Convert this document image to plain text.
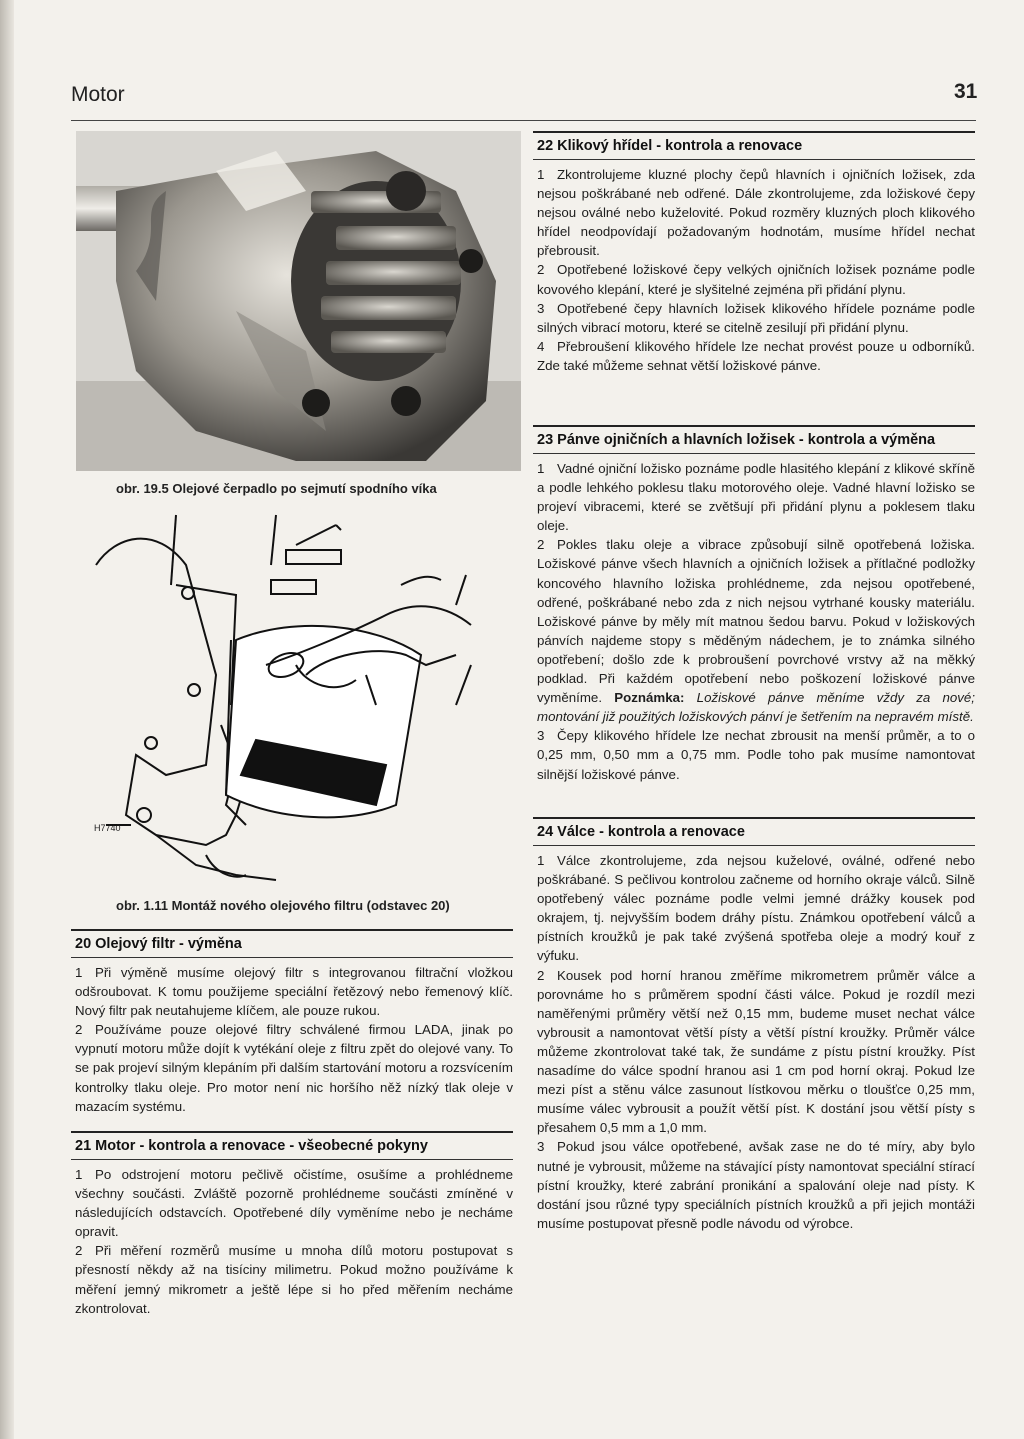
Motor	31
obr. 19.5 Olejové čerpadlo po sejmutí spodního víka
H7740
obr. 1.11 Montáž nového olejového filtru (odstavec 20)
20 Olejový filtr - výměna

1 Při výměně musíme olejový filtr s integrovanou filtrační vložkou odšroubovat. K tomu použijeme speciální řetězový nebo řemenový klíč. Nový filtr pak neutahujeme klíčem, ale pouze rukou.

2 Používáme pouze olejové filtry schválené firmou LADA, jinak po vypnutí motoru může dojít k vytékání oleje z filtru zpět do olejové vany. To se pak projeví silným klepáním při dalším startování motoru a rozsvícením kontrolky tlaku oleje. Pro motor není nic horšího něž nízký tlak oleje v mazacím systému.

21 Motor - kontrola a renovace - všeobecné pokyny

1 Po odstrojení motoru pečlivě očistíme, osušíme a prohlédneme všechny součásti. Zvláště pozorně prohlédneme součásti zmíněné v následujících odstavcích. Opotřebené díly vyměníme nebo je necháme opravit.

2 Při měření rozměrů musíme u mnoha dílů motoru postupovat s přesností někdy až na tisíciny milimetru. Pokud možno používáme k měření jemný mikrometr a ještě lépe si ho před měřením necháme zkontrolovat.

22 Klikový hřídel - kontrola a renovace

1 Zkontrolujeme kluzné plochy čepů hlavních i ojničních ložisek, zda nejsou poškrábané neb odřené. Dále zkontrolujeme, zda ložiskové čepy nejsou oválné nebo kuželovité. Pokud rozměry kluzných ploch klikového hřídel neodpovídají požadovaným hodnotám, musíme hřídel nechat přebrousit.

2 Opotřebené ložiskové čepy velkých ojničních ložisek poznáme podle kovového klepání, které je slyšitelné zejména při přidání plynu.

3 Opotřebené čepy hlavních ložisek klikového hřídele poznáme podle silných vibrací motoru, které se citelně zesilují při přidání plynu.

4 Přebroušení klikového hřídele lze nechat provést pouze u odborníků. Zde také můžeme sehnat větší ložiskové pánve.

23 Pánve ojničních a hlavních ložisek - kontrola a výměna

1 Vadné ojniční ložisko poznáme podle hlasitého klepání z klikové skříně a podle lehkého poklesu tlaku motorového oleje. Vadné hlavní ložisko se projeví vibracemi, které se zvětšují při přidání plynu a poklesem tlaku oleje.

2 Pokles tlaku oleje a vibrace způsobují silně opotřebená ložiska. Ložiskové pánve všech hlavních a ojničních ložisek a přítlačné podložky koncového hlavního ložiska prohlédneme, zda nejsou opotřebené, odřené, poškrábané nebo zda z nich nejsou vytrhané kousky materiálu. Ložiskové pánve by měly mít matnou šedou barvu. Pokud v ložiskových pánvích najdeme stopy s měděným nádechem, je to známka silného opotřebení; došlo zde k probroušení povrchové vrstvy až na měkký podklad. Při každém opotřebení nebo poškození ložiskové pánve vyměníme. Poznámka: Ložiskové pánve měníme vždy za nové; montování již použitých ložiskových pánví je šetřením na nepravém místě.

3 Čepy klikového hřídele lze nechat zbrousit na menší průměr, a to o 0,25 mm, 0,50 mm a 0,75 mm. Podle toho pak musíme namontovat silnější ložiskové pánve.

24 Válce - kontrola a renovace

1 Válce zkontrolujeme, zda nejsou kuželové, oválné, odřené nebo poškrábané. S pečlivou kontrolou začneme od horního okraje válců. Silně opotřebený válec poznáme podle velmi jemné drážky kousek pod okrajem, tj. nejvyšším bodem dráhy pístu. Známkou opotřebení válců a pístních kroužků je pak také zvýšená spotřeba oleje a modrý kouř z výfuku.

2 Kousek pod horní hranou změříme mikrometrem průměr válce a porovnáme ho s průměrem spodní části válce. Pokud je rozdíl mezi naměřenými průměry větší než 0,15 mm, budeme muset nechat válce vybrousit a namontovat větší písty a větší pístní kroužky. Průměr válce můžeme zkontrolovat také tak, že sundáme z pístu pístní kroužky. Píst nasadíme do válce spodní hranou asi 1 cm pod horní okraj. Pokud lze mezi píst a stěnu válce zasunout lístkovou měrku o tloušťce 0,25 mm, musíme válec vybrousit a použít větší píst. K dostání jsou větší písty s přesahem 0,5 mm a 1,0 mm.

3 Pokud jsou válce opotřebené, avšak zase ne do té míry, aby bylo nutné je vybrousit, můžeme na stávající písty namontovat speciální stírací pístní kroužky, které zabrání pronikání a spalování oleje nad písty. K dostání jsou různé typy speciálních pístních kroužků a při jejich montáži musíme postupovat přesně podle návodu od výrobce.
